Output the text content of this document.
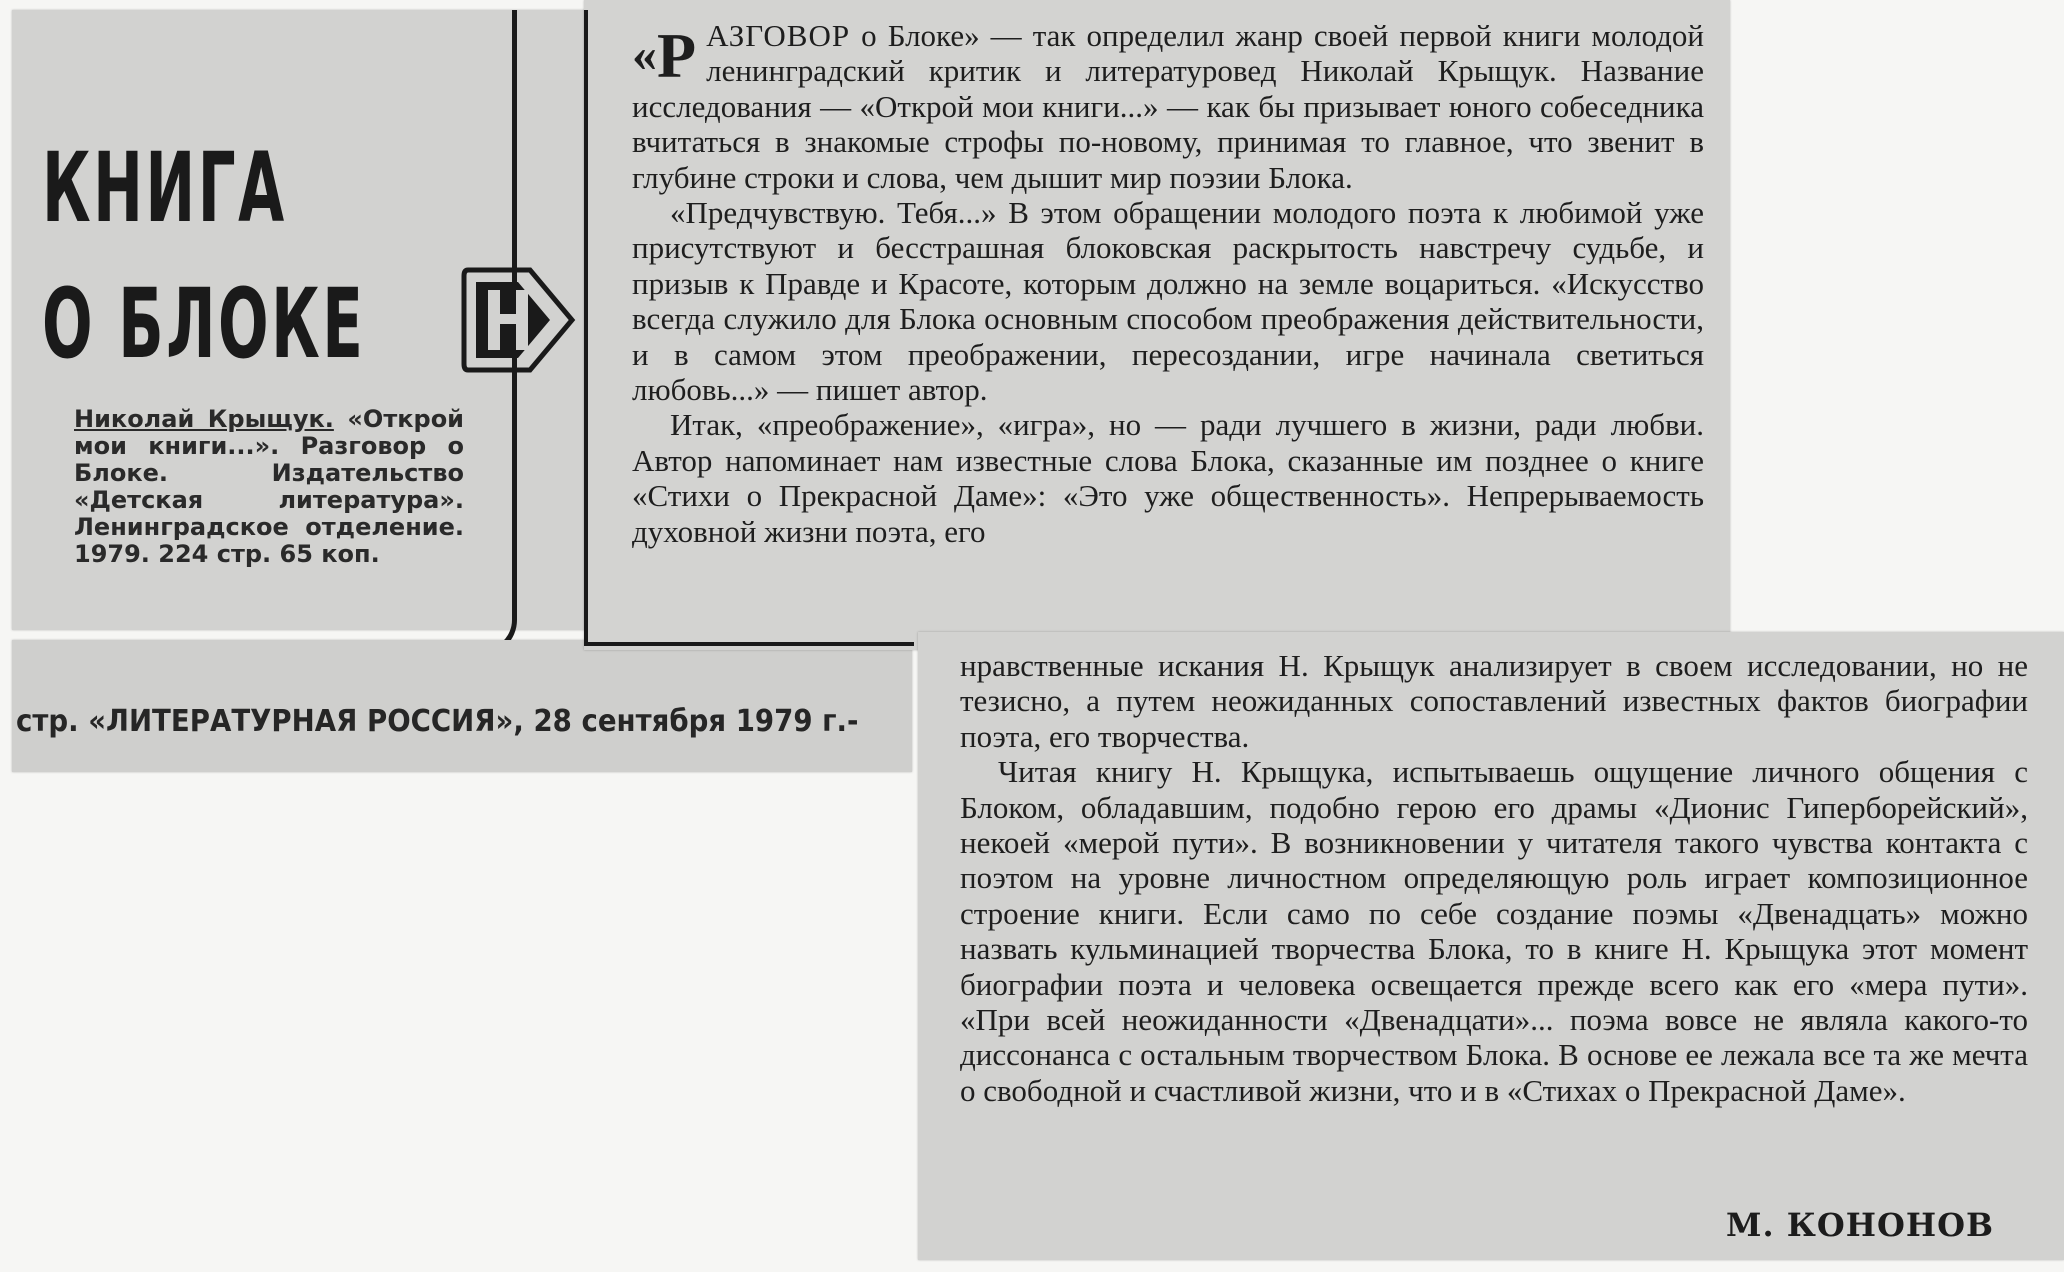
КНИГА
О БЛОКЕ
Николай Крыщук. «Открой мои книги...». Разговор о Блоке. Издательство «Детская литература». Ленинградское отделение. 1979. 224 стр. 65 коп.
стр. «ЛИТЕРАТУРНАЯ РОССИЯ», 28 сентября 1979 г.-

«Р АЗГОВОР о Блоке» — так определил жанр своей первой книги молодой ленинградский критик и литературовед Николай Крыщук. Название исследования — «Открой мои книги...» — как бы призывает юного собеседника вчитаться в знакомые строфы по-новому, принимая то главное, что звенит в глубине строки и слова, чем дышит мир поэзии Блока.

«Предчувствую. Тебя...» В этом обращении молодого поэта к любимой уже присутствуют и бесстрашная блоковская раскрытость навстречу судьбе, и призыв к Правде и Красоте, которым должно на земле воцариться. «Искусство всегда служило для Блока основным способом преображения действительности, и в самом этом преображении, пересоздании, игре начинала светиться любовь...» — пишет автор.

Итак, «преображение», «игра», но — ради лучшего в жизни, ради любви. Автор напоминает нам известные слова Блока, сказанные им позднее о книге «Стихи о Прекрасной Даме»: «Это уже общественность». Непрерываемость духовной жизни поэта, его

нравственные искания Н. Крыщук анализирует в своем исследовании, но не тезисно, а путем неожиданных сопоставлений известных фактов биографии поэта, его творчества.

Читая книгу Н. Крыщука, испытываешь ощущение личного общения с Блоком, обладавшим, подобно герою его драмы «Дионис Гиперборейский», некоей «мерой пути». В возникновении у читателя такого чувства контакта с поэтом на уровне личностном определяющую роль играет композиционное строение книги. Если само по себе создание поэмы «Двенадцать» можно назвать кульминацией творчества Блока, то в книге Н. Крыщука этот момент биографии поэта и человека освещается прежде всего как его «мера пути». «При всей неожиданности «Двенадцати»... поэма вовсе не являла какого-то диссонанса с остальным творчеством Блока. В основе ее лежала все та же мечта о свободной и счастливой жизни, что и в «Стихах о Прекрасной Даме».

М. КОНОНОВ
